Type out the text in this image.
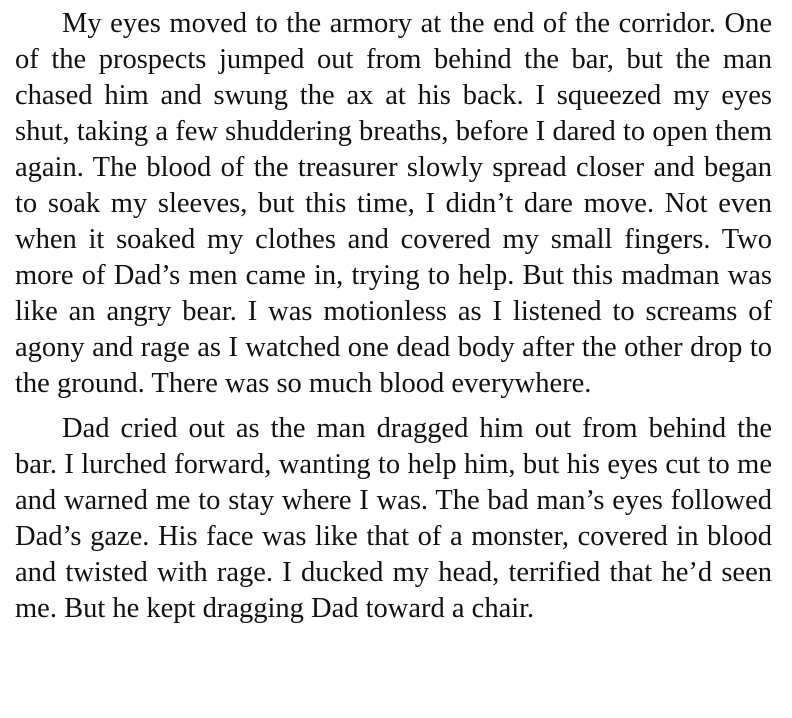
My eyes moved to the armory at the end of the corridor. One of the prospects jumped out from behind the bar, but the man chased him and swung the ax at his back. I squeezed my eyes shut, taking a few shuddering breaths, before I dared to open them again. The blood of the treasurer slowly spread closer and began to soak my sleeves, but this time, I didn’t dare move. Not even when it soaked my clothes and covered my small fingers. Two more of Dad’s men came in, trying to help. But this madman was like an angry bear. I was motionless as I listened to screams of agony and rage as I watched one dead body after the other drop to the ground. There was so much blood everywhere.

Dad cried out as the man dragged him out from behind the bar. I lurched forward, wanting to help him, but his eyes cut to me and warned me to stay where I was. The bad man’s eyes followed Dad’s gaze. His face was like that of a monster, covered in blood and twisted with rage. I ducked my head, terrified that he’d seen me. But he kept dragging Dad toward a chair.
